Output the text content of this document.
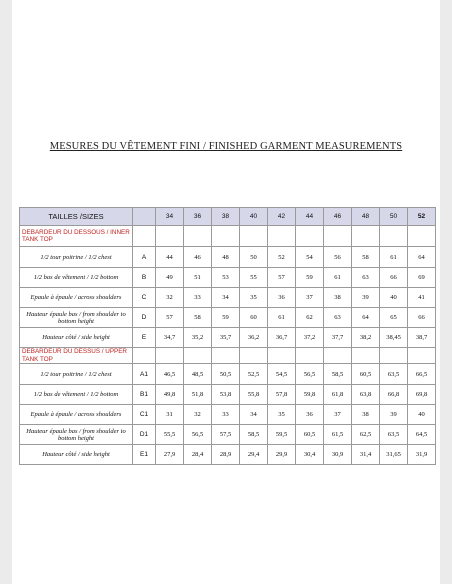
MESURES DU VÊTEMENT FINI / FINISHED GARMENT MEASUREMENTS
TAILLES /SIZES		34	36	38	40	42	44	46	48	50	52
DEBARDEUR DU DESSOUS / INNER TANK TOP											
1/2 tour poitrine / 1/2 chest	A	44	46	48	50	52	54	56	58	61	64
1/2 bas de vêtement / 1/2 bottom	B	49	51	53	55	57	59	61	63	66	69
Epaule à épaule / across shoulders	C	32	33	34	35	36	37	38	39	40	41
Hauteur épaule bas / from shoulder to bottom height	D	57	58	59	60	61	62	63	64	65	66
Hauteur côté / side height	E	34,7	35,2	35,7	36,2	36,7	37,2	37,7	38,2	38,45	38,7
DEBARDEUR DU DESSUS / UPPER TANK TOP											
1/2 tour poitrine / 1/2 chest	A1	46,5	48,5	50,5	52,5	54,5	56,5	58,5	60,5	63,5	66,5
1/2 bas de vêtement / 1/2 bottom	B1	49,8	51,8	53,8	55,8	57,8	59,8	61,8	63,8	66,8	69,8
Epaule à épaule / across shoulders	C1	31	32	33	34	35	36	37	38	39	40
Hauteur épaule bas / from shoulder to bottom height	D1	55,5	56,5	57,5	58,5	59,5	60,5	61,5	62,5	63,5	64,5
Hauteur côté / side height	E1	27,9	28,4	28,9	29,4	29,9	30,4	30,9	31,4	31,65	31,9
